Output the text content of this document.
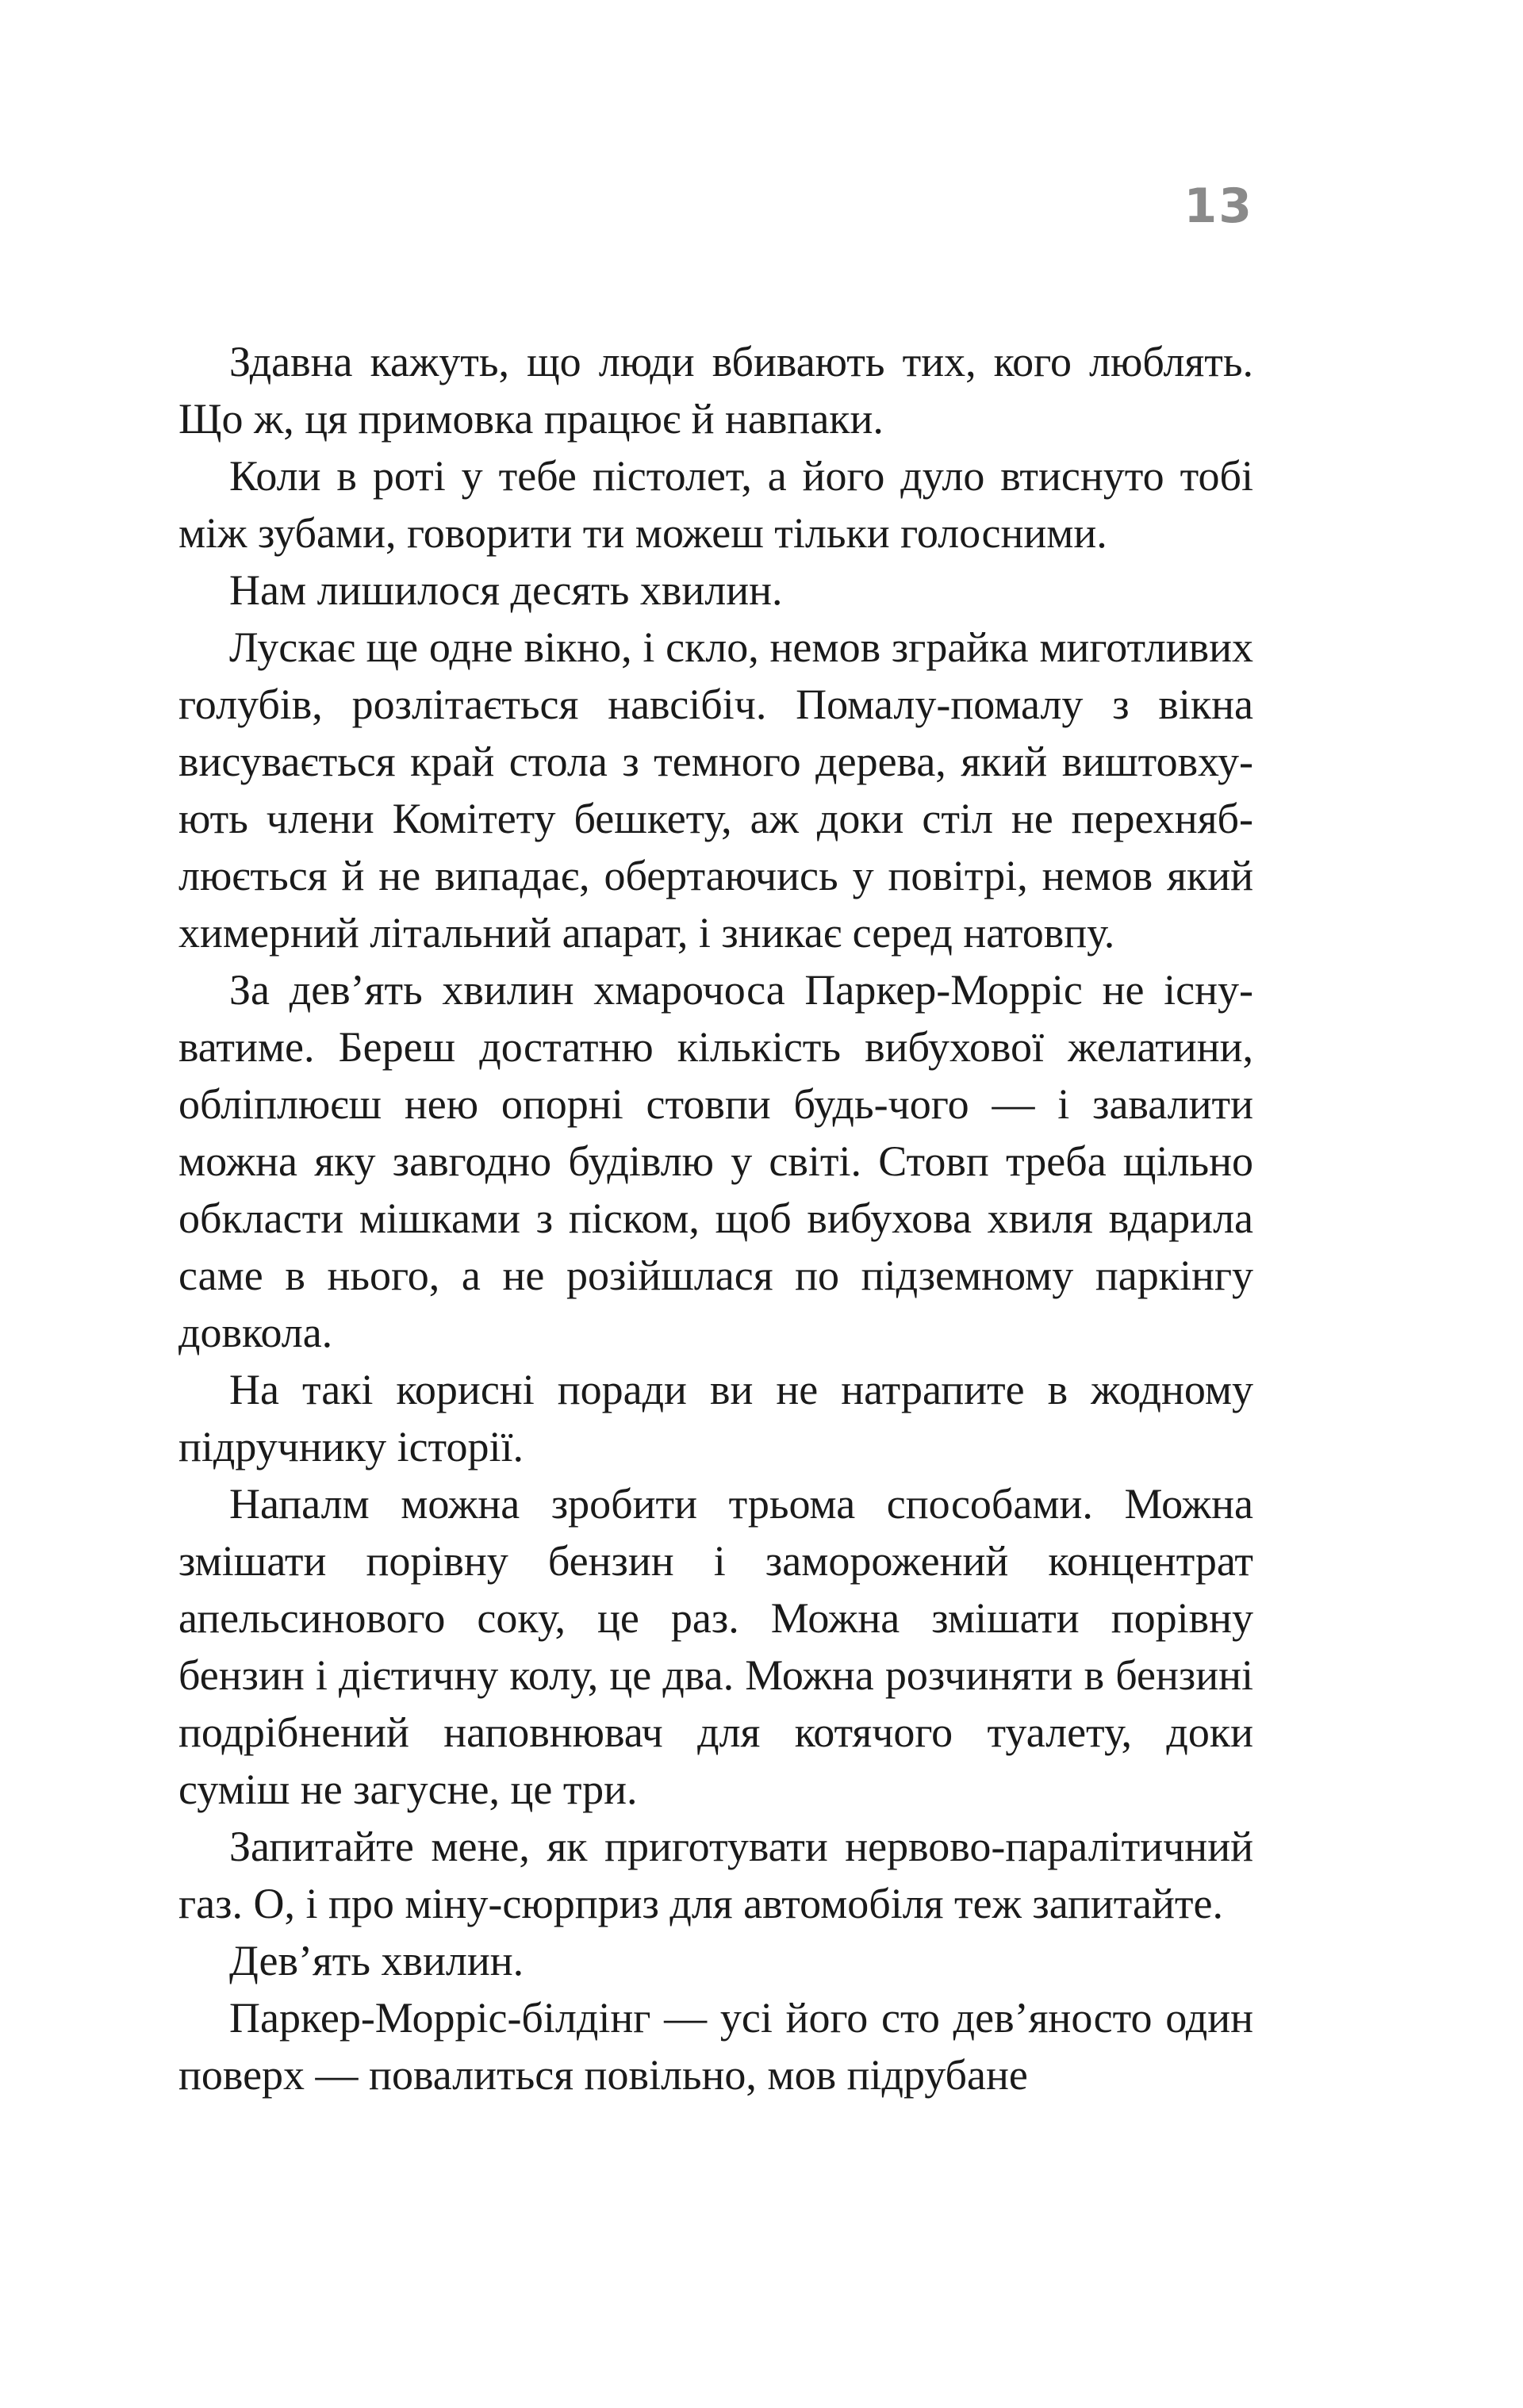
13

Здавна кажуть, що люди вбивають тих, кого люблять. Що ж, ця примовка працює й навпаки.

Коли в роті у тебе пістолет, а його дуло втиснуто тобі між зубами, говорити ти можеш тільки голосними.

Нам лишилося десять хвилин.

Лускає ще одне вікно, і скло, немов зграйка миготливих голубів, розлітається навсібіч. Помалу-помалу з вікна висувається край стола з темного дерева, який виштовхують члени Комітету бешкету, аж доки стіл не перехняблюється й не випадає, обертаючись у повітрі, немов який химерний літальний апарат, і зникає серед натовпу.

За дев’ять хвилин хмарочоса Паркер-Морріс не існуватиме. Береш достатню кількість вибухової желатини, обліплюєш нею опорні стовпи будь-чого — і завалити можна яку завгодно будівлю у світі. Стовп треба щільно обкласти мішками з піском, щоб вибухова хвиля вдарила саме в нього, а не розійшлася по підземному паркінгу довкола.

На такі корисні поради ви не натрапите в жодному підручнику історії.

Напалм можна зробити трьома способами. Можна змішати порівну бензин і заморожений концентрат апельсинового соку, це раз. Можна змішати порівну бензин і дієтичну колу, це два. Можна розчиняти в бензині подрібнений наповнювач для котячого туалету, доки суміш не загусне, це три.

Запитайте мене, як приготувати нервово-паралітичний газ. О, і про міну-сюрприз для автомобіля теж запитайте.

Дев’ять хвилин.

Паркер-Морріс-білдінг — усі його сто дев’яносто один поверх — повалиться повільно, мов підрубане
